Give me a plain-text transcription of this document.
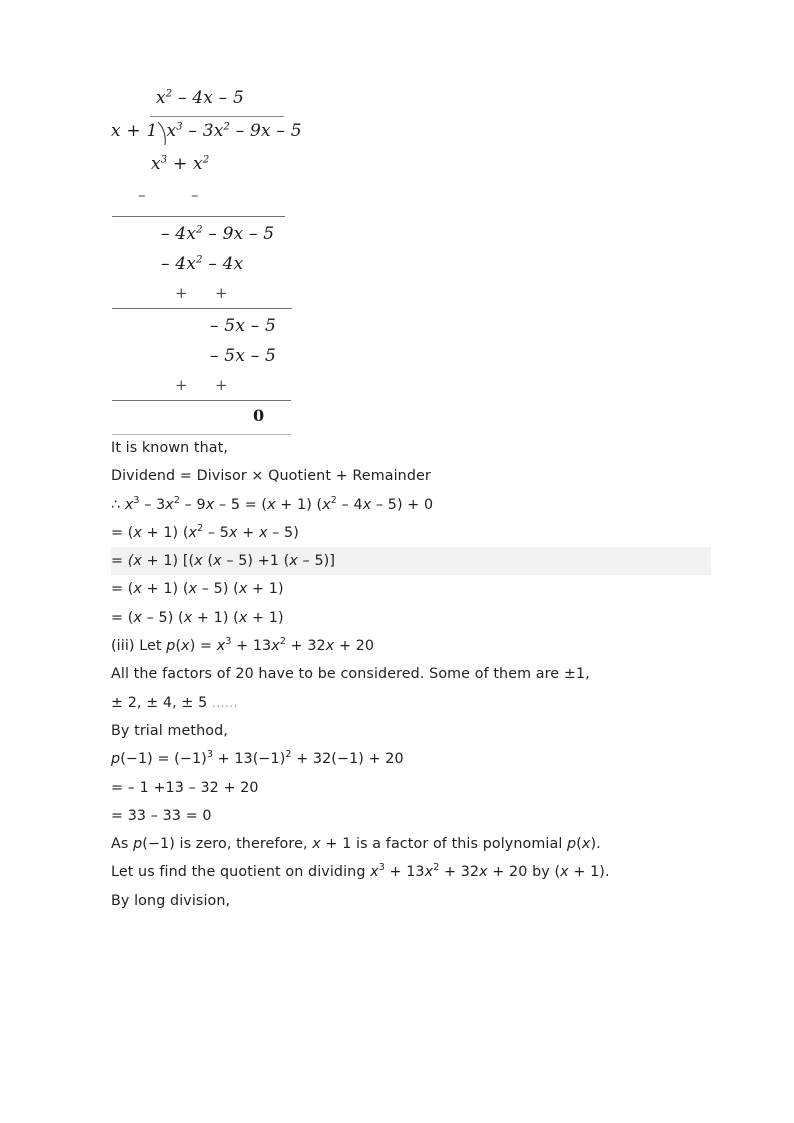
$x^2 - 4x - 5$
x + 1 $x^3 - 3x^2 - 9x - 5$
$x^3 + x^2$
–	–
– $4x^2 - 9x - 5$
– $4x^2 - 4x$
+ +
– 5x – 5
– 5x – 5
+ +
0
It is known that,
Dividend = Divisor × Quotient + Remainder
∴ $x^3 - 3x^2 - 9x - 5 = (x + 1)$ $(x^2 - 4x - 5) + 0$
= (x + 1) $(x^2 - 5x + x - 5)$
= (x + 1) [(x (x – 5) +1 (x – 5)]
= (x + 1) (x – 5) (x + 1)
= (x – 5) (x + 1) (x + 1)
(iii) Let $p(x) = x^3 + 13x^2 + 32x + 20$
All the factors of 20 have to be considered. Some of them are ±1,
± 2, ± 4, ± 5 ......
By trial method,
$p(-1) = (-1)^3 + 13(-1)^2 + 32(-1) + 20$
= – 1 +13 – 32 + 20
= 33 – 33 = 0
As p(−1) is zero, therefore, x + 1 is a factor of this polynomial p(x).
Let us find the quotient on dividing $x^3 + 13x^2 + 32x + 20$ by (x + 1).
By long division,
